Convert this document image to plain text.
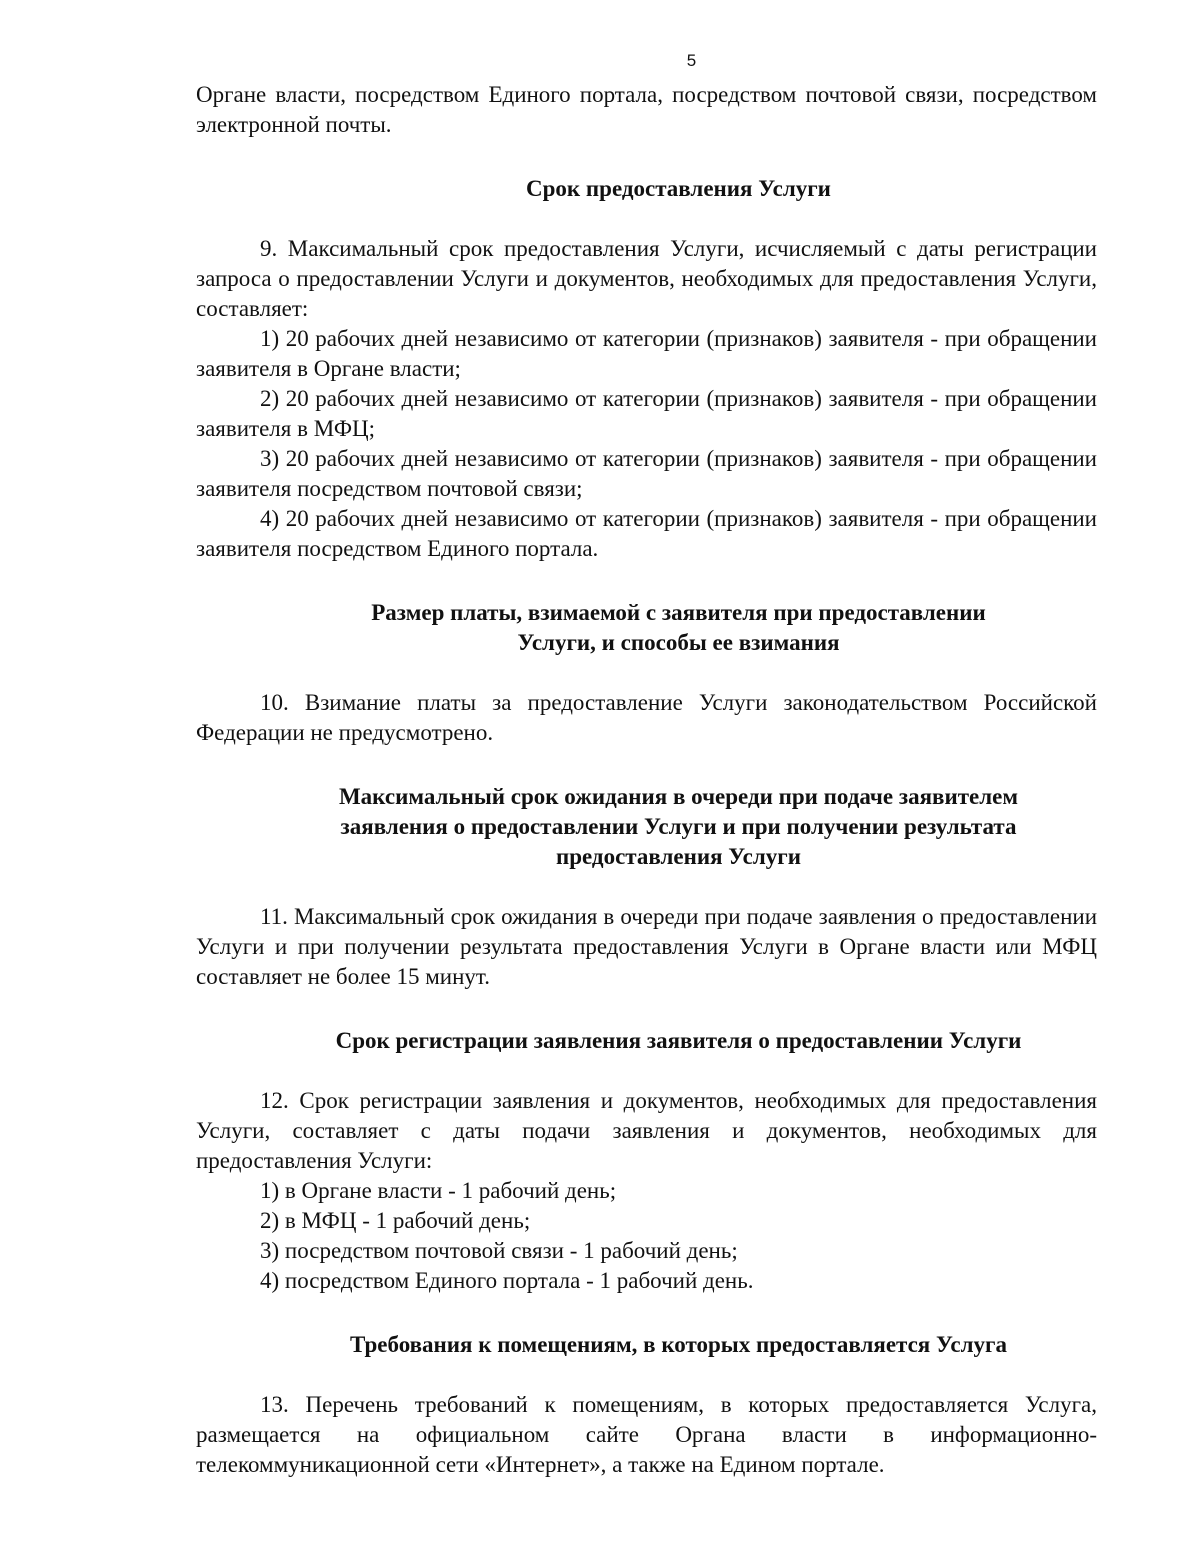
5

Органе власти, посредством Единого портала, посредством почтовой связи, посредством электронной почты.

Срок предоставления Услуги

9. Максимальный срок предоставления Услуги, исчисляемый с даты регистрации запроса о предоставлении Услуги и документов, необходимых для предоставления Услуги, составляет:

1) 20 рабочих дней независимо от категории (признаков) заявителя - при обращении заявителя в Органе власти;

2) 20 рабочих дней независимо от категории (признаков) заявителя - при обращении заявителя в МФЦ;

3) 20 рабочих дней независимо от категории (признаков) заявителя - при обращении заявителя посредством почтовой связи;

4) 20 рабочих дней независимо от категории (признаков) заявителя - при обращении заявителя посредством Единого портала.

Размер платы, взимаемой с заявителя при предоставлении
Услуги, и способы ее взимания

10. Взимание платы за предоставление Услуги законодательством Российской Федерации не предусмотрено.

Максимальный срок ожидания в очереди при подаче заявителем
заявления о предоставлении Услуги и при получении результата
предоставления Услуги

11. Максимальный срок ожидания в очереди при подаче заявления о предоставлении Услуги и при получении результата предоставления Услуги в Органе власти или МФЦ составляет не более 15 минут.

Срок регистрации заявления заявителя о предоставлении Услуги

12. Срок регистрации заявления и документов, необходимых для предоставления Услуги, составляет с даты подачи заявления и документов, необходимых для предоставления Услуги:

1) в Органе власти - 1 рабочий день;

2) в МФЦ - 1 рабочий день;

3) посредством почтовой связи - 1 рабочий день;

4) посредством Единого портала - 1 рабочий день.

Требования к помещениям, в которых предоставляется Услуга

13. Перечень требований к помещениям, в которых предоставляется Услуга, размещается на официальном сайте Органа власти в информационно-телекоммуникационной сети «Интернет», а также на Едином портале.
